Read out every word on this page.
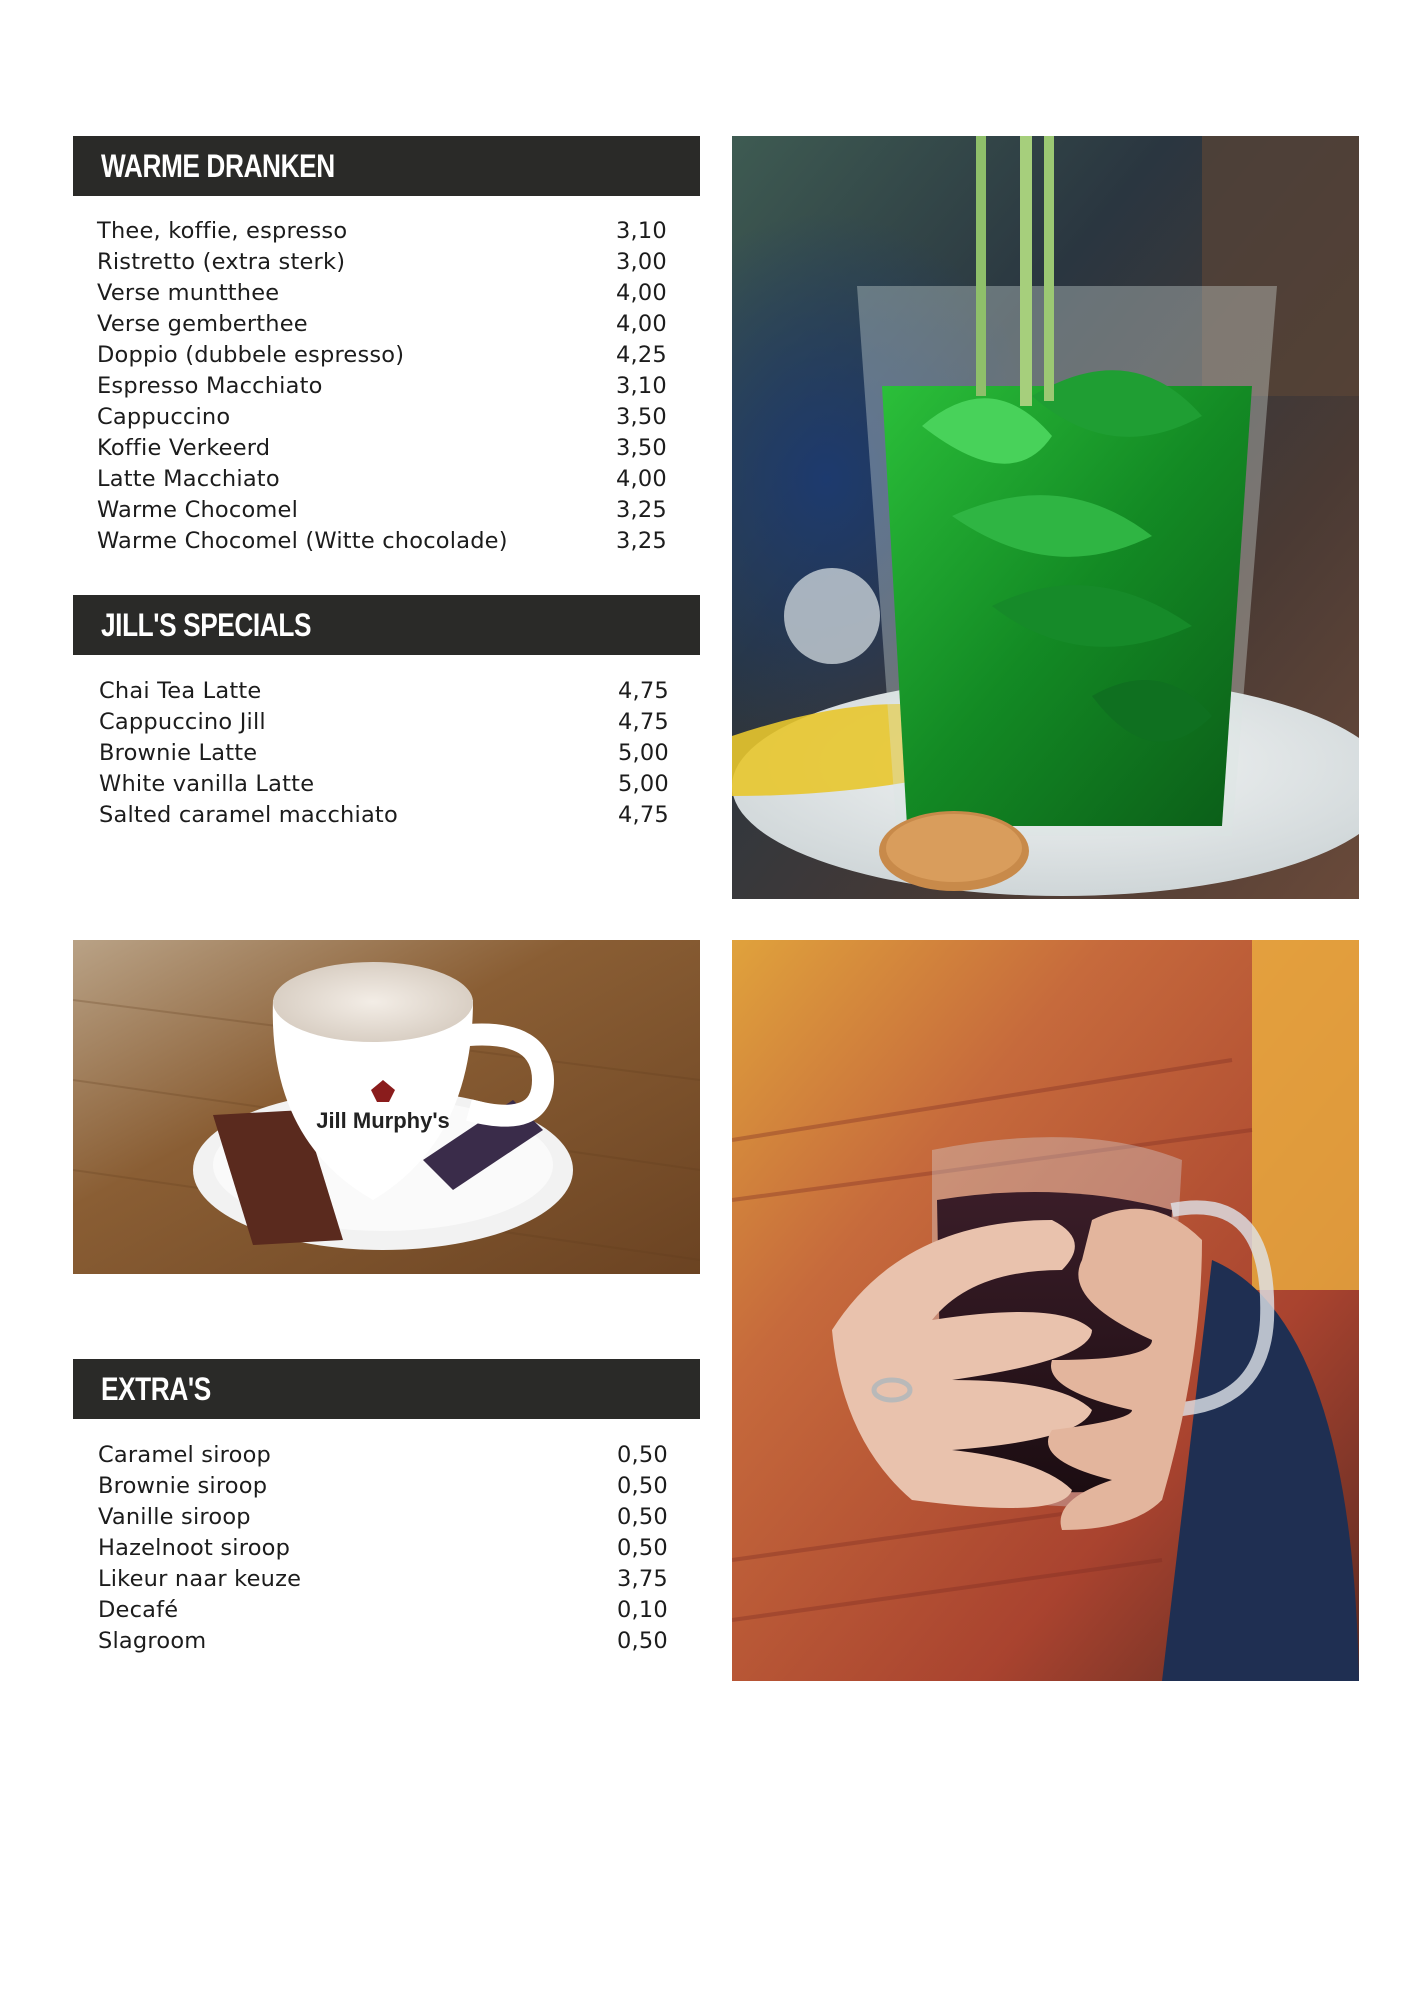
WARME DRANKEN
Thee, koffie, espresso	3,10
Ristretto (extra sterk)	3,00
Verse muntthee	4,00
Verse gemberthee	4,00
Doppio (dubbele espresso)	4,25
Espresso Macchiato	3,10
Cappuccino	3,50
Koffie Verkeerd	3,50
Latte Macchiato	4,00
Warme Chocomel	3,25
Warme Chocomel (Witte chocolade)	3,25
JILL'S SPECIALS
Chai Tea Latte	4,75
Cappuccino Jill	4,75
Brownie Latte	5,00
White vanilla Latte	5,00
Salted caramel macchiato	4,75
EXTRA'S
Caramel siroop	0,50
Brownie siroop	0,50
Vanille siroop	0,50
Hazelnoot siroop	0,50
Likeur naar keuze	3,75
Decafé	0,10
Slagroom	0,50
Jill Murphy's
